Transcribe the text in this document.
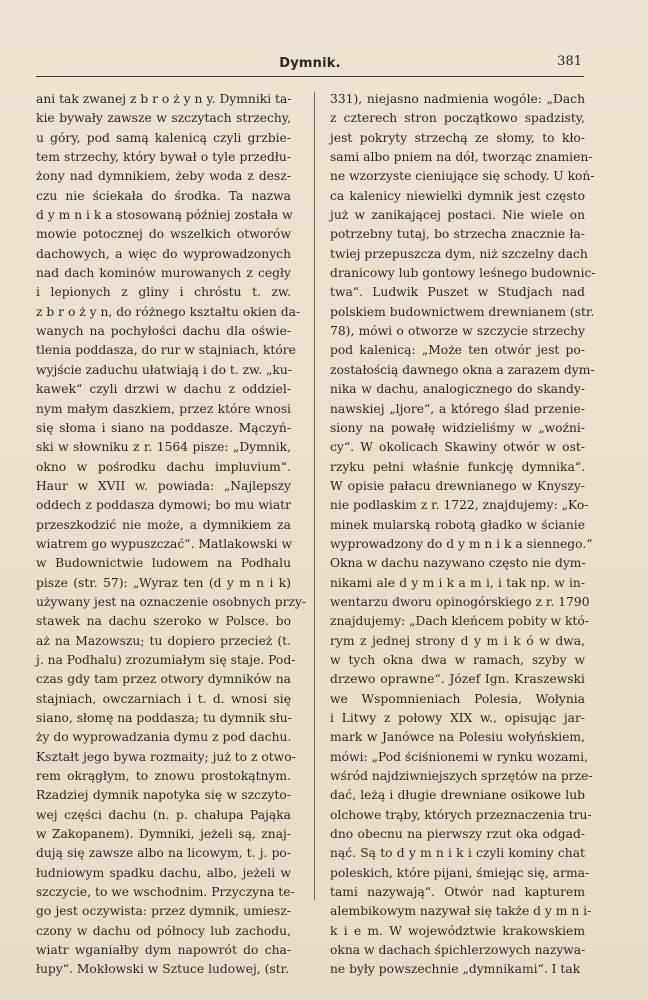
Dymnik.	381
ani tak zwanej z b r o ż y n y. Dymniki ta-
kie bywały zawsze w szczytach strzechy,
u góry, pod samą kalenicą czyli grzbie-
tem strzechy, który bywał o tyle przedłu-
żony nad dymnikiem, żeby woda z desz-
czu nie ściekała do środka. Ta nazwa
d y m n i k a stosowaną później została w
mowie potocznej do wszelkich otworów
dachowych, a więc do wyprowadzonych
nad dach kominów murowanych z cegły
i lepionych z gliny i chróstu t. zw.
z b r o ż y n, do różnego kształtu okien da-
wanych na pochyłości dachu dla oświe-
tlenia poddasza, do rur w stajniach, które
wyjście zaduchu ułatwiają i do t. zw. „ku-
kawek“ czyli drzwi w dachu z oddziel-
nym małym daszkiem, przez które wnosi
się słoma i siano na poddasze. Mączyń-
ski w słowniku z r. 1564 pisze: „Dymnik,
okno w pośrodku dachu impluvium“.
Haur w XVII w. powiada: „Najlepszy
oddech z poddasza dymowi; bo mu wiatr
przeszkodzić nie może, a dymnikiem za
wiatrem go wypuszczać“. Matlakowski w
w Budownictwie ludowem na Podhalu
pisze (str. 57): „Wyraz ten (d y m n i k)
używany jest na oznaczenie osobnych przy-
stawek na dachu szeroko w Polsce. bo
aż na Mazowszu; tu dopiero przecież (t.
j. na Podhalu) zrozumiałym się staje. Pod-
czas gdy tam przez otwory dymników na
stajniach, owczarniach i t. d. wnosi się
siano, słomę na poddasza; tu dymnik słu-
ży do wyprowadzania dymu z pod dachu.
Kształt jego bywa rozmaity; już to z otwo-
rem okrągłym, to znowu prostokątnym.
Rzadziej dymnik napotyka się w szczyto-
wej części dachu (n. p. chałupa Pająka
w Zakopanem). Dymniki, jeżeli są, znaj-
dują się zawsze albo na licowym, t. j. po-
łudniowym spadku dachu, albo, jeżeli w
szczycie, to we wschodnim. Przyczyna te-
go jest oczywista: przez dymnik, umiesz-
czony w dachu od północy lub zachodu,
wiatr wganiałby dym napowrót do cha-
łupy“. Mokłowski w Sztuce ludowej, (str.
331), niejasno nadmienia wogóle: „Dach
z czterech stron początkowo spadzisty,
jest pokryty strzechą ze słomy, to kło-
sami albo pniem na dół, tworząc znamien-
ne wzorzyste cieniujące się schody. U koń-
ca kalenicy niewielki dymnik jest często
już w zanikającej postaci. Nie wiele on
potrzebny tutaj, bo strzecha znacznie ła-
twiej przepuszcza dym, niż szczelny dach
dranicowy lub gontowy leśnego budownic-
twa“. Ludwik Puszet w Studjach nad
polskiem budownictwem drewnianem (str.
78), mówi o otworze w szczycie strzechy
pod kalenicą: „Może ten otwór jest po-
zostałością dawnego okna a zarazem dym-
nika w dachu, analogicznego do skandy-
nawskiej „ljore“, a którego ślad przenie-
siony na powałę widzieliśmy w „woźni-
cy“. W okolicach Skawiny otwór w ost-
rzyku pełni właśnie funkcję dymnika“.
W opisie pałacu drewnianego w Knyszy-
nie podlaskim z r. 1722, znajdujemy: „Ko-
minek mularską robotą gładko w ścianie
wyprowadzony do d y m n i k a siennego.“
Okna w dachu nazywano często nie dym-
nikami ale d y m i k a m i, i tak np. w in-
wentarzu dworu opinogórskiego z r. 1790
znajdujemy: „Dach kleńcem pobity w któ-
rym z jednej strony d y m i k ó w dwa,
w tych okna dwa w ramach, szyby w
drzewo oprawne“. Józef Ign. Kraszewski
we Wspomnieniach Polesia, Wołynia
i Litwy z połowy XIX w., opisując jar-
mark w Janówce na Polesiu wołyńskiem,
mówi: „Pod ściśnionemi w rynku wozami,
wśród najdziwniejszych sprzętów na prze-
dać, leżą i długie drewniane osikowe lub
olchowe trąby, których przeznaczenia tru-
dno obecnu na pierwszy rzut oka odgad-
nąć. Są to d y m n i k i czyli kominy chat
poleskich, które pijani, śmiejąc się, arma-
tami nazywają“. Otwór nad kapturem
alembikowym nazywał się także d y m n i-
k i e m. W województwie krakowskiem
okna w dachach śpichlerzowych nazywa-
ne były powszechnie „dymnikami“. I tak
